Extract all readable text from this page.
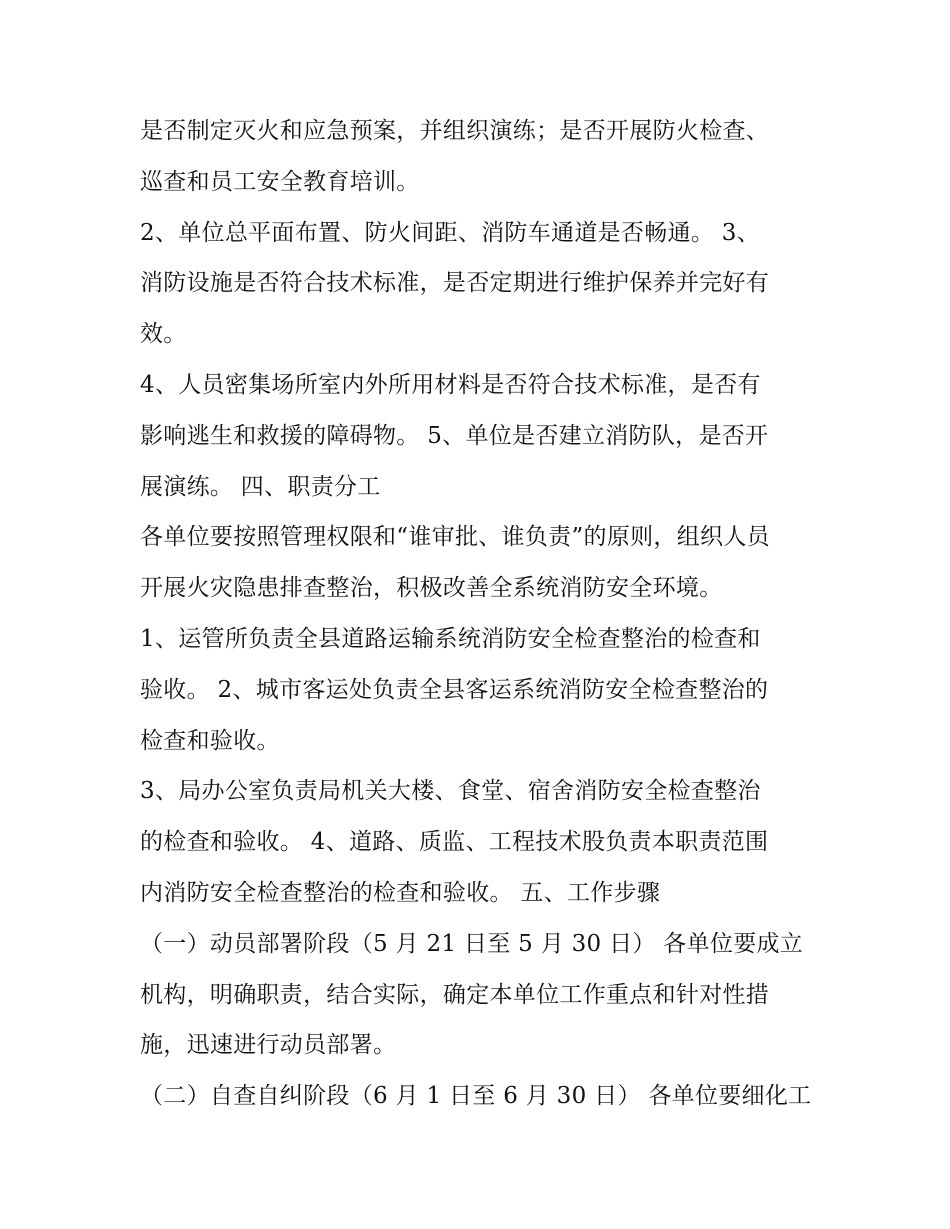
是否制定灭火和应急预案，并组织演练；是否开展防火检查、

巡查和员工安全教育培训。

2、单位总平面布置、防火间距、消防车通道是否畅通。 3、

消防设施是否符合技术标准，是否定期进行维护保养并完好有

效。

4、人员密集场所室内外所用材料是否符合技术标准，是否有

影响逃生和救援的障碍物。 5、单位是否建立消防队，是否开

展演练。 四、职责分工

各单位要按照管理权限和“谁审批、谁负责”的原则，组织人员

开展火灾隐患排查整治，积极改善全系统消防安全环境。

1、运管所负责全县道路运输系统消防安全检查整治的检查和

验收。 2、城市客运处负责全县客运系统消防安全检查整治的

检查和验收。

3、局办公室负责局机关大楼、食堂、宿舍消防安全检查整治

的检查和验收。 4、道路、质监、工程技术股负责本职责范围

内消防安全检查整治的检查和验收。 五、工作步骤

（一）动员部署阶段（5 月 21 日至 5 月 30 日） 各单位要成立

机构，明确职责，结合实际，确定本单位工作重点和针对性措

施，迅速进行动员部署。

（二）自查自纠阶段（6 月 1 日至 6 月 30 日） 各单位要细化工
